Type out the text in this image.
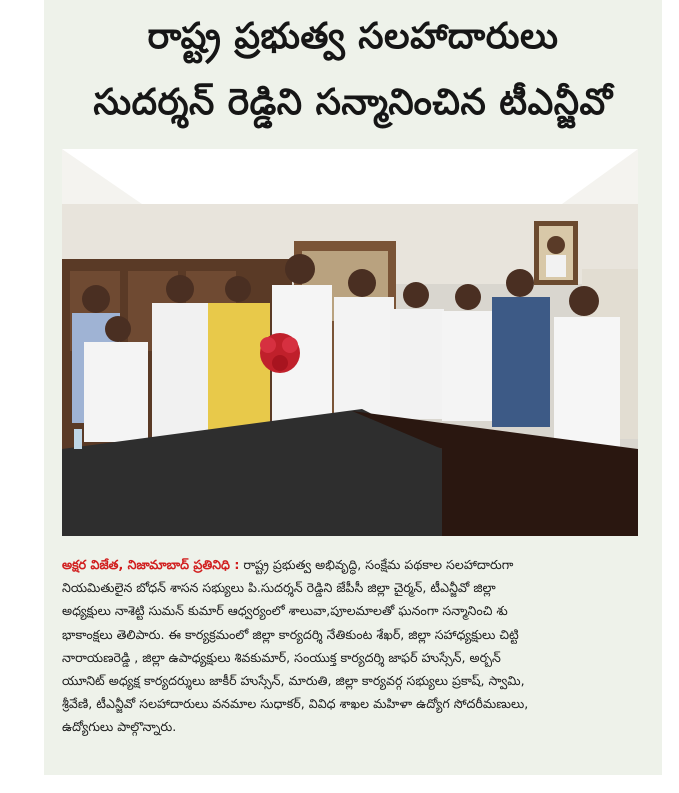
రాష్ట్ర ప్రభుత్వ సలహాదారులు
సుదర్శన్ రెడ్డిని సన్మానించిన టీఎన్జీవో
అక్షర విజేత, నిజామాబాద్ ప్రతినిధి : రాష్ట్ర ప్రభుత్వ అభివృద్ధి, సంక్షేమ పథకాల సలహాదారుగా
నియమితులైన బోధన్ శాసన సభ్యులు పి.సుదర్శన్ రెడ్డిని జేపీసీ జిల్లా చైర్మన్, టీఎన్జీవో జిల్లా
అధ్యక్షులు నాశెట్టి సుమన్ కుమార్ ఆధ్వర్యంలో శాలువా,పూలమాలతో ఘనంగా సన్మానించి శు
భాకాంక్షలు తెలిపారు. ఈ కార్యక్రమంలో జిల్లా కార్యదర్శి నేతికుంట శేఖర్, జిల్లా సహాధ్యక్షులు చిట్టి
నారాయణరెడ్డి , జిల్లా ఉపాధ్యక్షులు శివకుమార్, సంయుక్త కార్యదర్శి జాఫర్ హుస్సేన్, అర్బన్
యూనిట్ అధ్యక్ష కార్యదర్శులు జాకీర్ హుస్సేన్, మారుతి, జిల్లా కార్యవర్గ సభ్యులు ప్రకాష్, స్వామి,
శ్రీవేణి, టీఎన్జీవో సలహాదారులు వనమాల సుధాకర్, వివిధ శాఖల మహిళా ఉద్యోగ సోదరీమణులు,
ఉద్యోగులు పాల్గొన్నారు.
